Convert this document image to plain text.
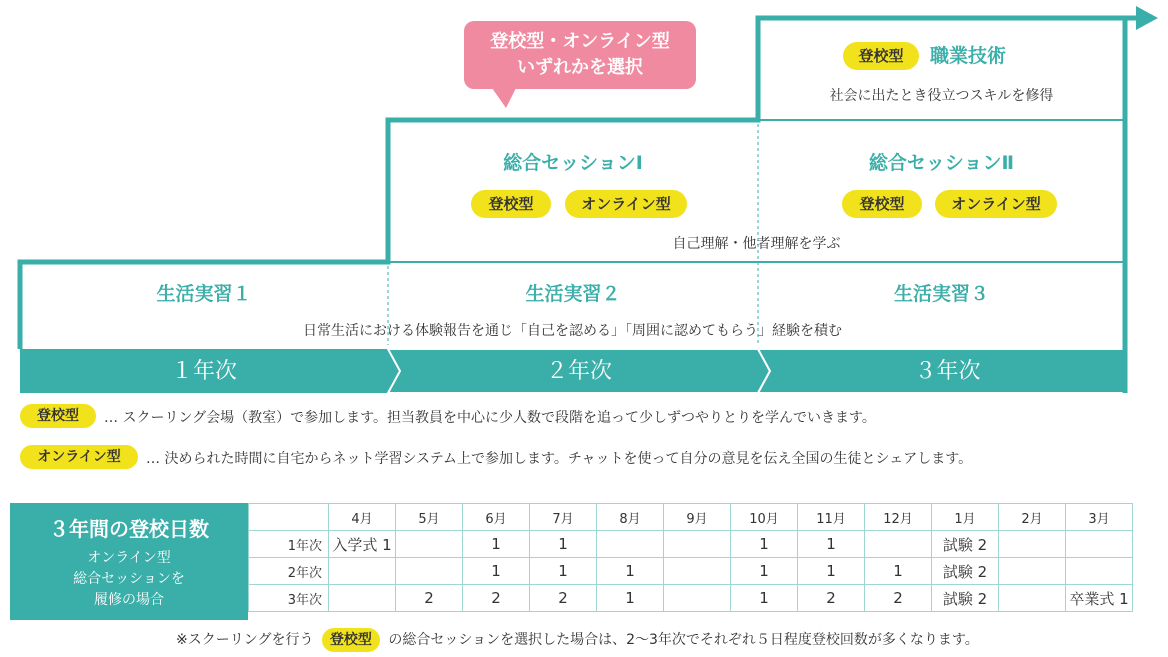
登校型・オンライン型
いずれかを選択
登校型	職業技術
社会に出たとき役立つスキルを修得
総合セッションⅠ
登校型	オンライン型
総合セッションⅡ
登校型	オンライン型
自己理解・他者理解を学ぶ
生活実習１	生活実習２	生活実習３
日常生活における体験報告を通じ「自己を認める」「周囲に認めてもらう」経験を積む
１年次	２年次	３年次
登校型	… スクーリング会場（教室）で参加します。担当教員を中心に少人数で段階を追って少しずつやりとりを学んでいきます。
オンライン型	… 決められた時間に自宅からネット学習システム上で参加します。チャットを使って自分の意見を伝え全国の生徒とシェアします。
３年間の登校日数
オンライン型
総合セッションを
履修の場合
	4月	5月	6月	7月	8月	9月	10月	11月	12月	1月	2月	3月
1年次	入学式 1		1	1			1	1		試験 2		
2年次			1	1	1		1	1	1	試験 2		
3年次		2	2	2	1		1	2	2	試験 2		卒業式 1
※スクーリングを行う 登校型 の総合セッションを選択した場合は、2〜3年次でそれぞれ５日程度登校回数が多くなります。
